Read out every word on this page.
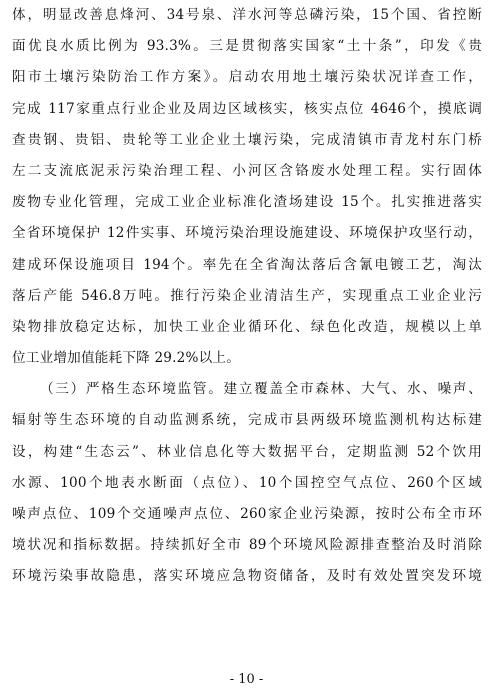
体，明显改善息烽河、34号泉、洋水河等总磷污染，15个国、省控断
面优良水质比例为 93.3%。三是贯彻落实国家“土十条”，印发《贵
阳市土壤污染防治工作方案》。启动农用地土壤污染状况详查工作，
完成 117家重点行业企业及周边区域核实，核实点位 4646个，摸底调
查贵钢、贵铝、贵轮等工业企业土壤污染，完成清镇市青龙村东门桥
左二支流底泥汞污染治理工程、小河区含铬废水处理工程。实行固体
废物专业化管理，完成工业企业标准化渣场建设 15个。扎实推进落实
全省环境保护 12件实事、环境污染治理设施建设、环境保护攻坚行动，
建成环保设施项目 194个。率先在全省淘汰落后含氰电镀工艺，淘汰
落后产能 546.8万吨。推行污染企业清洁生产，实现重点工业企业污
染物排放稳定达标，加快工业企业循环化、绿色化改造，规模以上单
位工业增加值能耗下降 29.2%以上。
（三）严格生态环境监管。建立覆盖全市森林、大气、水、噪声、
辐射等生态环境的自动监测系统，完成市县两级环境监测机构达标建
设，构建“生态云”、林业信息化等大数据平台，定期监测 52个饮用
水源、100个地表水断面（点位）、10个国控空气点位、260个区域
噪声点位、109个交通噪声点位、260家企业污染源，按时公布全市环
境状况和指标数据。持续抓好全市 89个环境风险源排查整治及时消除
环境污染事故隐患，落实环境应急物资储备，及时有效处置突发环境
- 10 -
